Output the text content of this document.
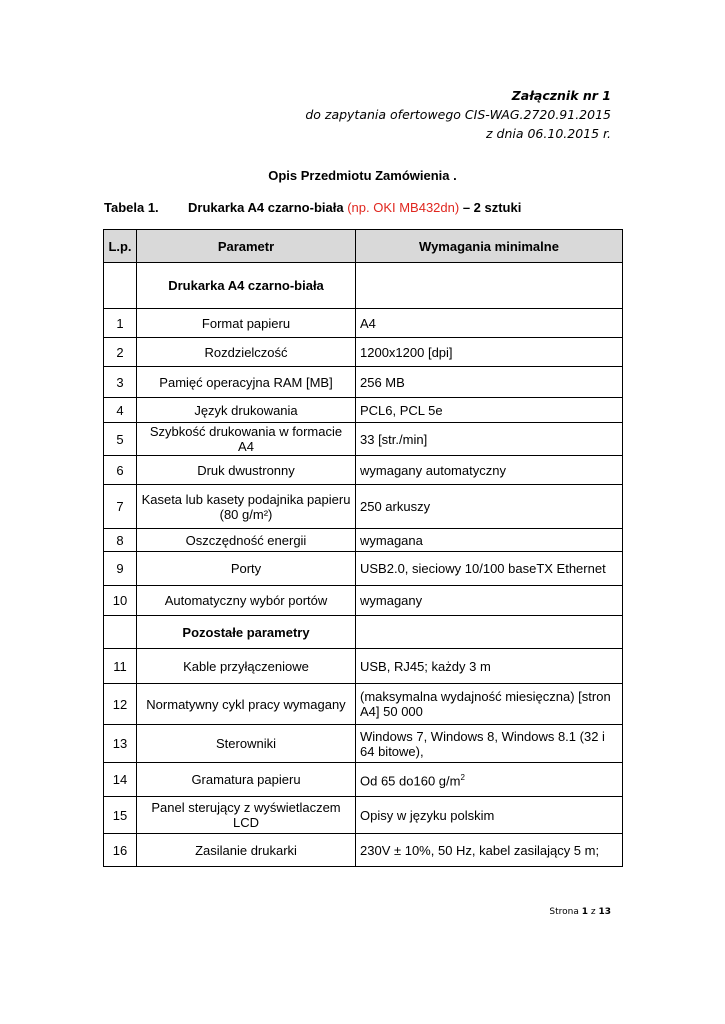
Załącznik nr 1
do zapytania ofertowego CIS-WAG.2720.91.2015
z dnia 06.10.2015 r.
Opis Przedmiotu Zamówienia .
Tabela 1. Drukarka A4 czarno-biała (np. OKI MB432dn) – 2 sztuki
L.p.	Parametr	Wymagania minimalne
	Drukarka A4 czarno-biała	
1	Format papieru	A4
2	Rozdzielczość	1200x1200 [dpi]
3	Pamięć operacyjna RAM [MB]	256 MB
4	Język drukowania	PCL6, PCL 5e
5	Szybkość drukowania w formacie A4	33 [str./min]
6	Druk dwustronny	wymagany automatyczny
7	Kaseta lub kasety podajnika papieru (80 g/m²)	250 arkuszy
8	Oszczędność energii	wymagana
9	Porty	USB2.0, sieciowy 10/100 baseTX Ethernet
10	Automatyczny wybór portów	wymagany
	Pozostałe parametry	
11	Kable przyłączeniowe	USB, RJ45; każdy 3 m
12	Normatywny cykl pracy wymagany	(maksymalna wydajność miesięczna) [stron A4] 50 000
13	Sterowniki	Windows 7, Windows 8, Windows 8.1 (32 i 64 bitowe),
14	Gramatura papieru	Od 65 do160 $g/m^2$
15	Panel sterujący z wyświetlaczem LCD	Opisy w języku polskim
16	Zasilanie drukarki	230V ± 10%, 50 Hz, kabel zasilający 5 m;
Strona 1 z 13
